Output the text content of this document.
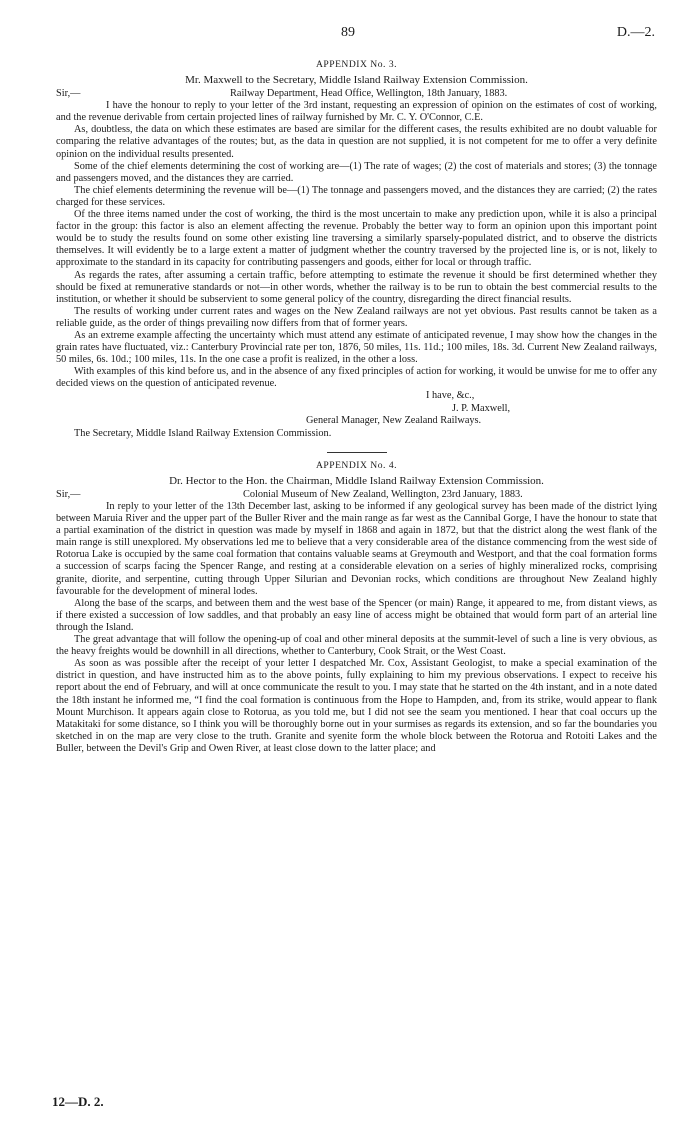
89	D.—2.
APPENDIX No. 3.
Mr. Maxwell to the Secretary, Middle Island Railway Extension Commission.
Sir,—	Railway Department, Head Office, Wellington, 18th January, 1883.

I have the honour to reply to your letter of the 3rd instant, requesting an expression of opinion on the estimates of cost of working, and the revenue derivable from certain projected lines of railway furnished by Mr. C. Y. O'Connor, C.E.

As, doubtless, the data on which these estimates are based are similar for the different cases, the results exhibited are no doubt valuable for comparing the relative advantages of the routes; but, as the data in question are not supplied, it is not competent for me to offer a very definite opinion on the individual results presented.

Some of the chief elements determining the cost of working are—(1) The rate of wages; (2) the cost of materials and stores; (3) the tonnage and passengers moved, and the distances they are carried.

The chief elements determining the revenue will be—(1) The tonnage and passengers moved, and the distances they are carried; (2) the rates charged for these services.

Of the three items named under the cost of working, the third is the most uncertain to make any prediction upon, while it is also a principal factor in the group: this factor is also an element affecting the revenue. Probably the better way to form an opinion upon this important point would be to study the results found on some other existing line traversing a similarly sparsely-populated district, and to observe the districts themselves. It will evidently be to a large extent a matter of judgment whether the country traversed by the projected line is, or is not, likely to approximate to the standard in its capacity for contributing passengers and goods, either for local or through traffic.

As regards the rates, after assuming a certain traffic, before attempting to estimate the revenue it should be first determined whether they should be fixed at remunerative standards or not—in other words, whether the railway is to be run to obtain the best commercial results to the institution, or whether it should be subservient to some general policy of the country, disregarding the direct financial results.

The results of working under current rates and wages on the New Zealand railways are not yet obvious. Past results cannot be taken as a reliable guide, as the order of things prevailing now differs from that of former years.

As an extreme example affecting the uncertainty which must attend any estimate of anticipated revenue, I may show how the changes in the grain rates have fluctuated, viz.: Canterbury Provincial rate per ton, 1876, 50 miles, 11s. 11d.; 100 miles, 18s. 3d. Current New Zealand railways, 50 miles, 6s. 10d.; 100 miles, 11s. In the one case a profit is realized, in the other a loss.

With examples of this kind before us, and in the absence of any fixed principles of action for working, it would be unwise for me to offer any decided views on the question of anticipated revenue.

I have, &c.,

J. P. Maxwell,

General Manager, New Zealand Railways.

The Secretary, Middle Island Railway Extension Commission.

APPENDIX No. 4.
Dr. Hector to the Hon. the Chairman, Middle Island Railway Extension Commission.
Sir,—	Colonial Museum of New Zealand, Wellington, 23rd January, 1883.

In reply to your letter of the 13th December last, asking to be informed if any geological survey has been made of the district lying between Maruia River and the upper part of the Buller River and the main range as far west as the Cannibal Gorge, I have the honour to state that a partial examination of the district in question was made by myself in 1868 and again in 1872, but that the district along the west flank of the main range is still unexplored. My observations led me to believe that a very considerable area of the distance commencing from the west side of Rotorua Lake is occupied by the same coal formation that contains valuable seams at Greymouth and Westport, and that the coal formation forms a succession of scarps facing the Spencer Range, and resting at a considerable elevation on a series of highly mineralized rocks, comprising granite, diorite, and serpentine, cutting through Upper Silurian and Devonian rocks, which conditions are throughout New Zealand highly favourable for the development of mineral lodes.

Along the base of the scarps, and between them and the west base of the Spencer (or main) Range, it appeared to me, from distant views, as if there existed a succession of low saddles, and that probably an easy line of access might be obtained that would form part of an arterial line through the Island.

The great advantage that will follow the opening-up of coal and other mineral deposits at the summit-level of such a line is very obvious, as the heavy freights would be downhill in all directions, whether to Canterbury, Cook Strait, or the West Coast.

As soon as was possible after the receipt of your letter I despatched Mr. Cox, Assistant Geologist, to make a special examination of the district in question, and have instructed him as to the above points, fully explaining to him my previous observations. I expect to receive his report about the end of February, and will at once communicate the result to you. I may state that he started on the 4th instant, and in a note dated the 18th instant he informed me, “I find the coal formation is continuous from the Hope to Hampden, and, from its strike, would appear to flank Mount Murchison. It appears again close to Rotorua, as you told me, but I did not see the seam you mentioned. I hear that coal occurs up the Matakitaki for some distance, so I think you will be thoroughly borne out in your surmises as regards its extension, and so far the boundaries you sketched in on the map are very close to the truth. Granite and syenite form the whole block between the Rotorua and Rotoiti Lakes and the Buller, between the Devil's Grip and Owen River, at least close down to the latter place; and

12—D. 2.
